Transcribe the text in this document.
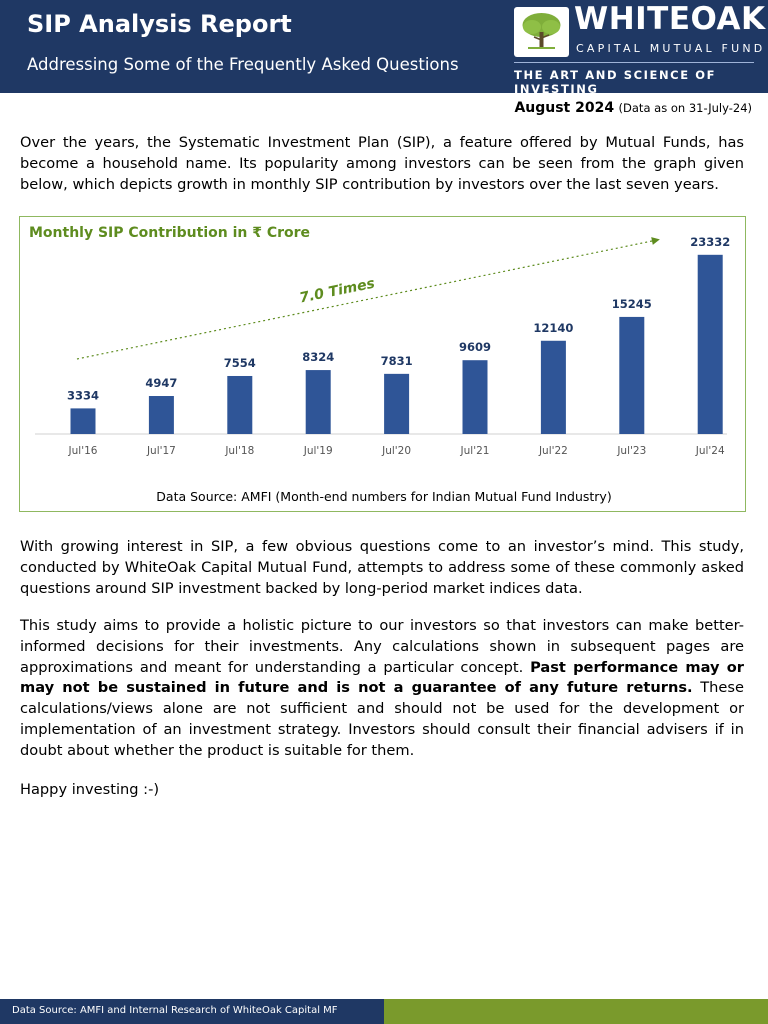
SIP Analysis Report
Addressing Some of the Frequently Asked Questions
WHITEOAK
CAPITAL MUTUAL FUND
THE ART AND SCIENCE OF INVESTING
August 2024 (Data as on 31-July-24)

Over the years, the Systematic Investment Plan (SIP), a feature offered by Mutual Funds, has become a household name. Its popularity among investors can be seen from the graph given below, which depicts growth in monthly SIP contribution by investors over the last seven years.

Monthly SIP Contribution in ₹ Crore
3334
Jul'16
4947
Jul'17
7554
Jul'18
8324
Jul'19
7831
Jul'20
9609
Jul'21
12140
Jul'22
15245
Jul'23
23332
Jul'24
7.0 Times
Data Source: AMFI (Month-end numbers for Indian Mutual Fund Industry)

With growing interest in SIP, a few obvious questions come to an investor’s mind. This study, conducted by WhiteOak Capital Mutual Fund, attempts to address some of these commonly asked questions around SIP investment backed by long-period market indices data.

This study aims to provide a holistic picture to our investors so that investors can make better-informed decisions for their investments. Any calculations shown in subsequent pages are approximations and meant for understanding a particular concept. Past performance may or may not be sustained in future and is not a guarantee of any future returns. These calculations/views alone are not sufficient and should not be used for the development or implementation of an investment strategy. Investors should consult their financial advisers if in doubt about whether the product is suitable for them.

Happy investing :-)

Data Source: AMFI and Internal Research of WhiteOak Capital MF
